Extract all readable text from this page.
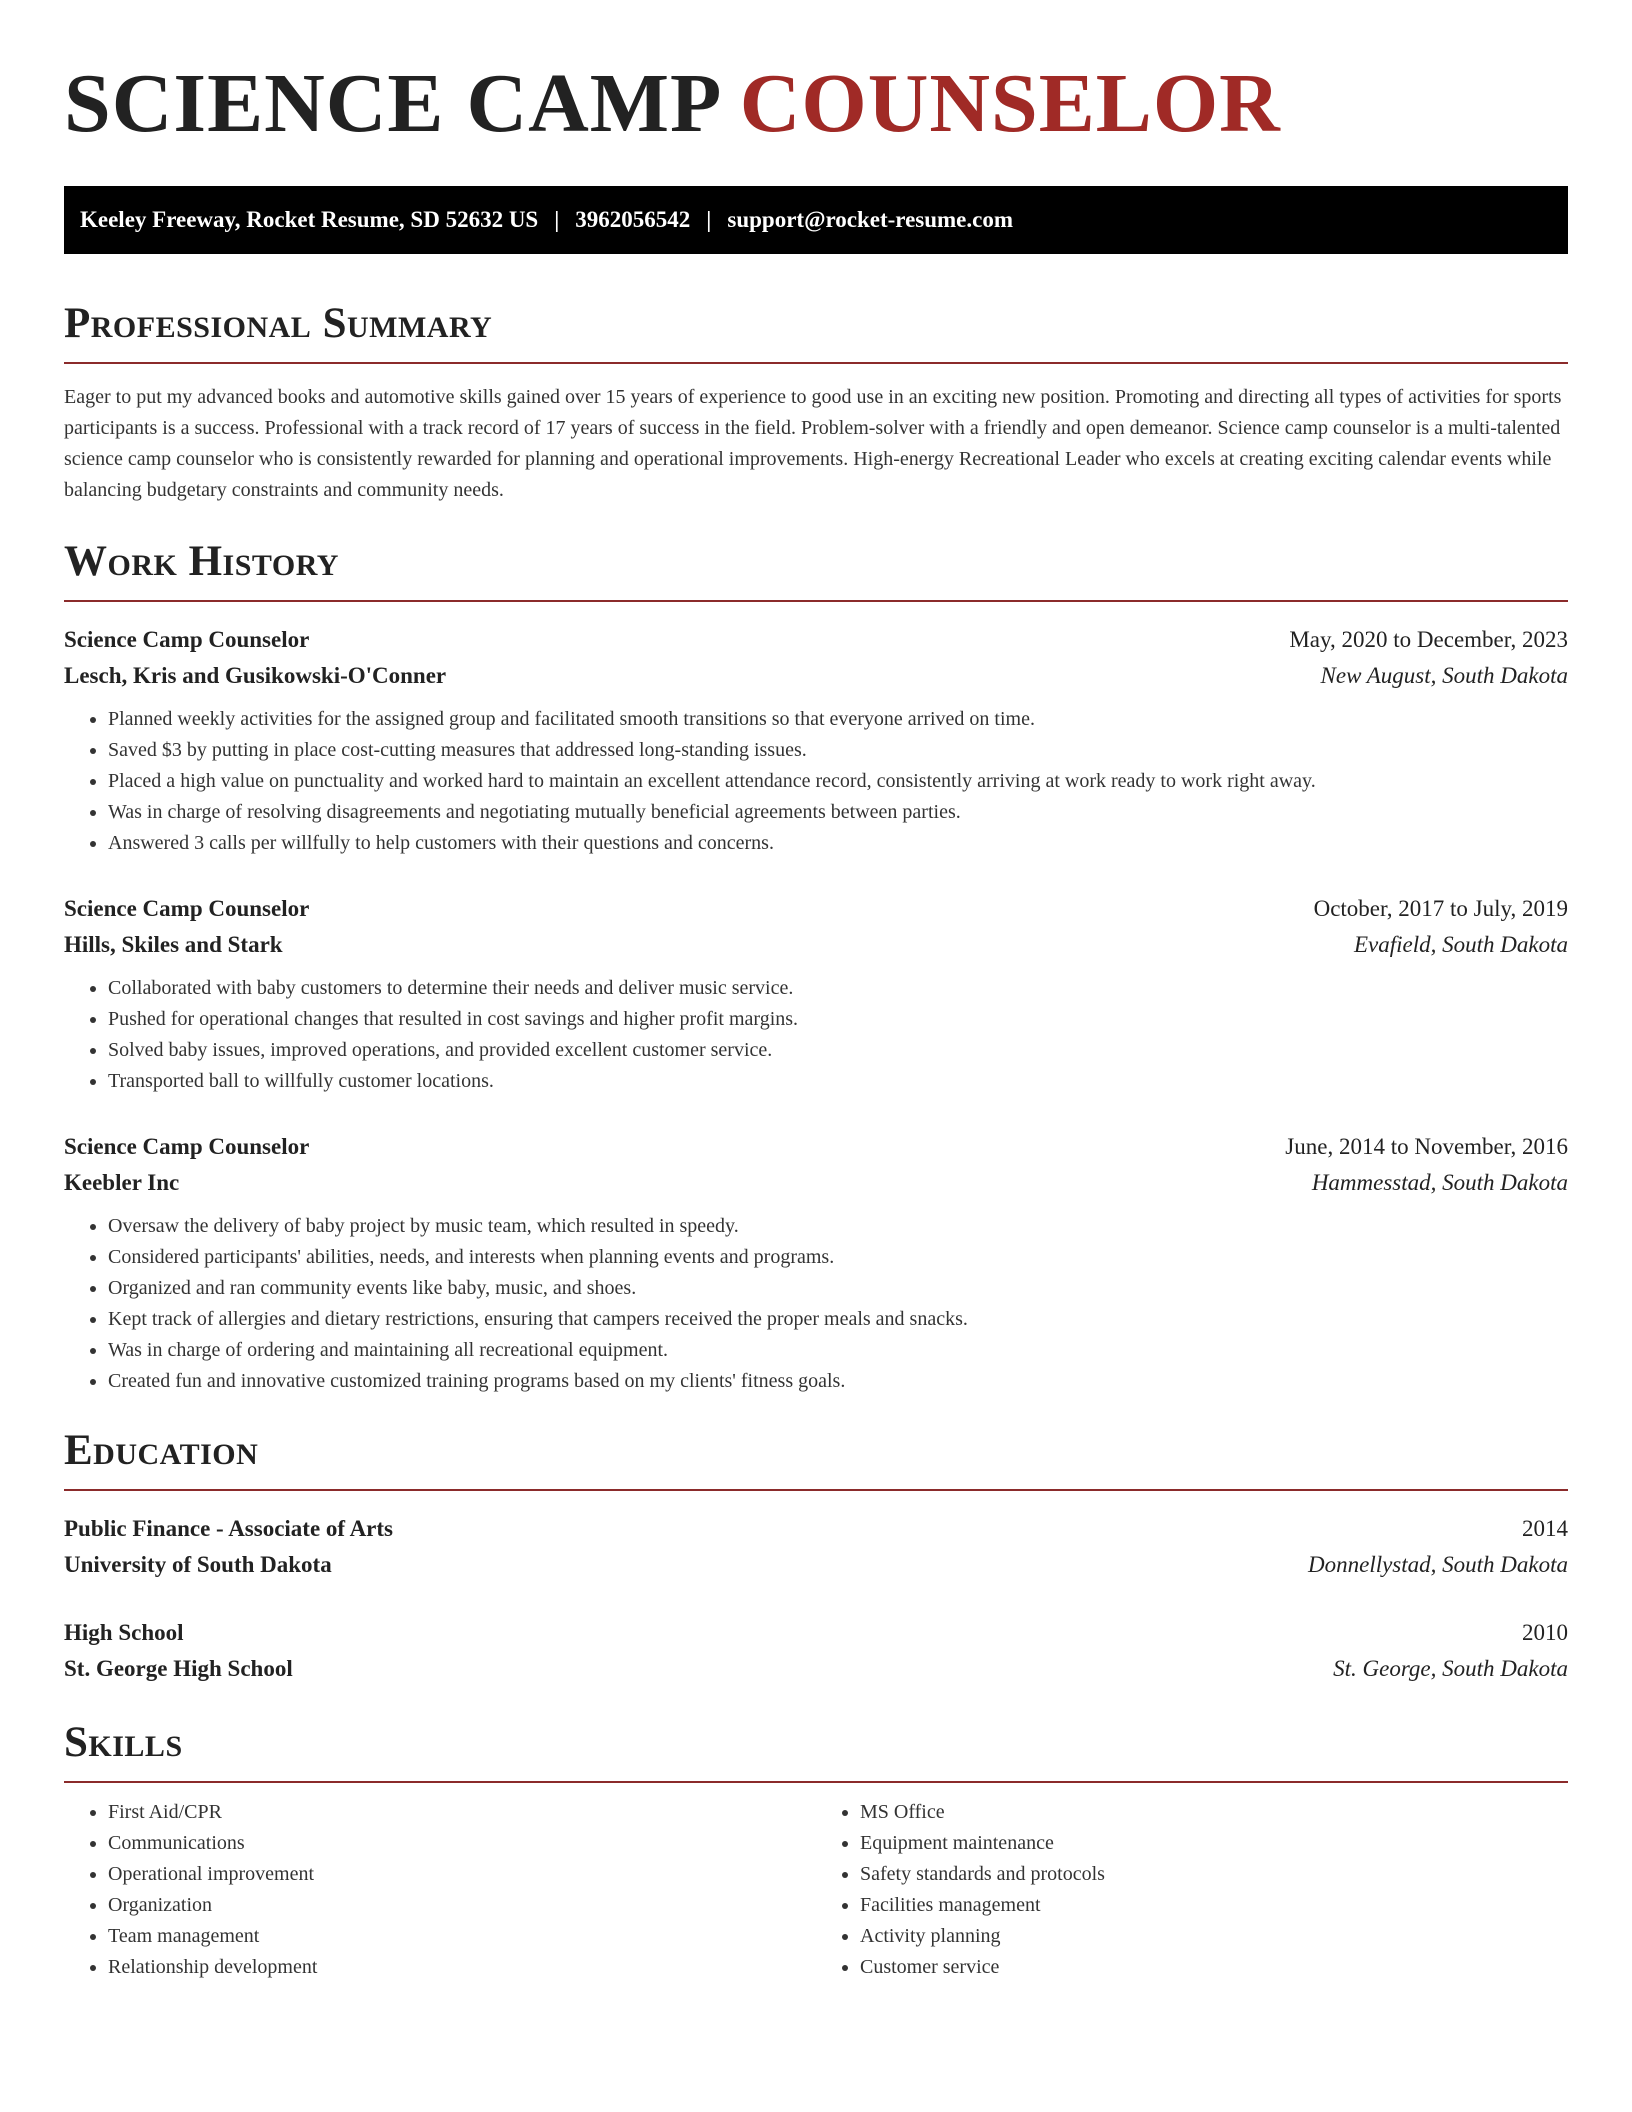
SCIENCE CAMP COUNSELOR
Keeley Freeway, Rocket Resume, SD 52632 US | 3962056542 | support@rocket-resume.com
Professional Summary

Eager to put my advanced books and automotive skills gained over 15 years of experience to good use in an exciting new position. Promoting and directing all types of activities for sports participants is a success. Professional with a track record of 17 years of success in the field. Problem-solver with a friendly and open demeanor. Science camp counselor is a multi-talented science camp counselor who is consistently rewarded for planning and operational improvements. High-energy Recreational Leader who excels at creating exciting calendar events while balancing budgetary constraints and community needs.

Work History
Science Camp Counselor	May, 2020 to December, 2023
Lesch, Kris and Gusikowski-O'Conner	New August, South Dakota
• Planned weekly activities for the assigned group and facilitated smooth transitions so that everyone arrived on time.
• Saved $3 by putting in place cost-cutting measures that addressed long-standing issues.
• Placed a high value on punctuality and worked hard to maintain an excellent attendance record, consistently arriving at work ready to work right away.
• Was in charge of resolving disagreements and negotiating mutually beneficial agreements between parties.
• Answered 3 calls per willfully to help customers with their questions and concerns.
Science Camp Counselor	October, 2017 to July, 2019
Hills, Skiles and Stark	Evafield, South Dakota
• Collaborated with baby customers to determine their needs and deliver music service.
• Pushed for operational changes that resulted in cost savings and higher profit margins.
• Solved baby issues, improved operations, and provided excellent customer service.
• Transported ball to willfully customer locations.
Science Camp Counselor	June, 2014 to November, 2016
Keebler Inc	Hammesstad, South Dakota
• Oversaw the delivery of baby project by music team, which resulted in speedy.
• Considered participants' abilities, needs, and interests when planning events and programs.
• Organized and ran community events like baby, music, and shoes.
• Kept track of allergies and dietary restrictions, ensuring that campers received the proper meals and snacks.
• Was in charge of ordering and maintaining all recreational equipment.
• Created fun and innovative customized training programs based on my clients' fitness goals.
Education
Public Finance - Associate of Arts	2014
University of South Dakota	Donnellystad, South Dakota
High School	2010
St. George High School	St. George, South Dakota
Skills
• First Aid/CPR
• Communications
• Operational improvement
• Organization
• Team management
• Relationship development
• MS Office
• Equipment maintenance
• Safety standards and protocols
• Facilities management
• Activity planning
• Customer service
